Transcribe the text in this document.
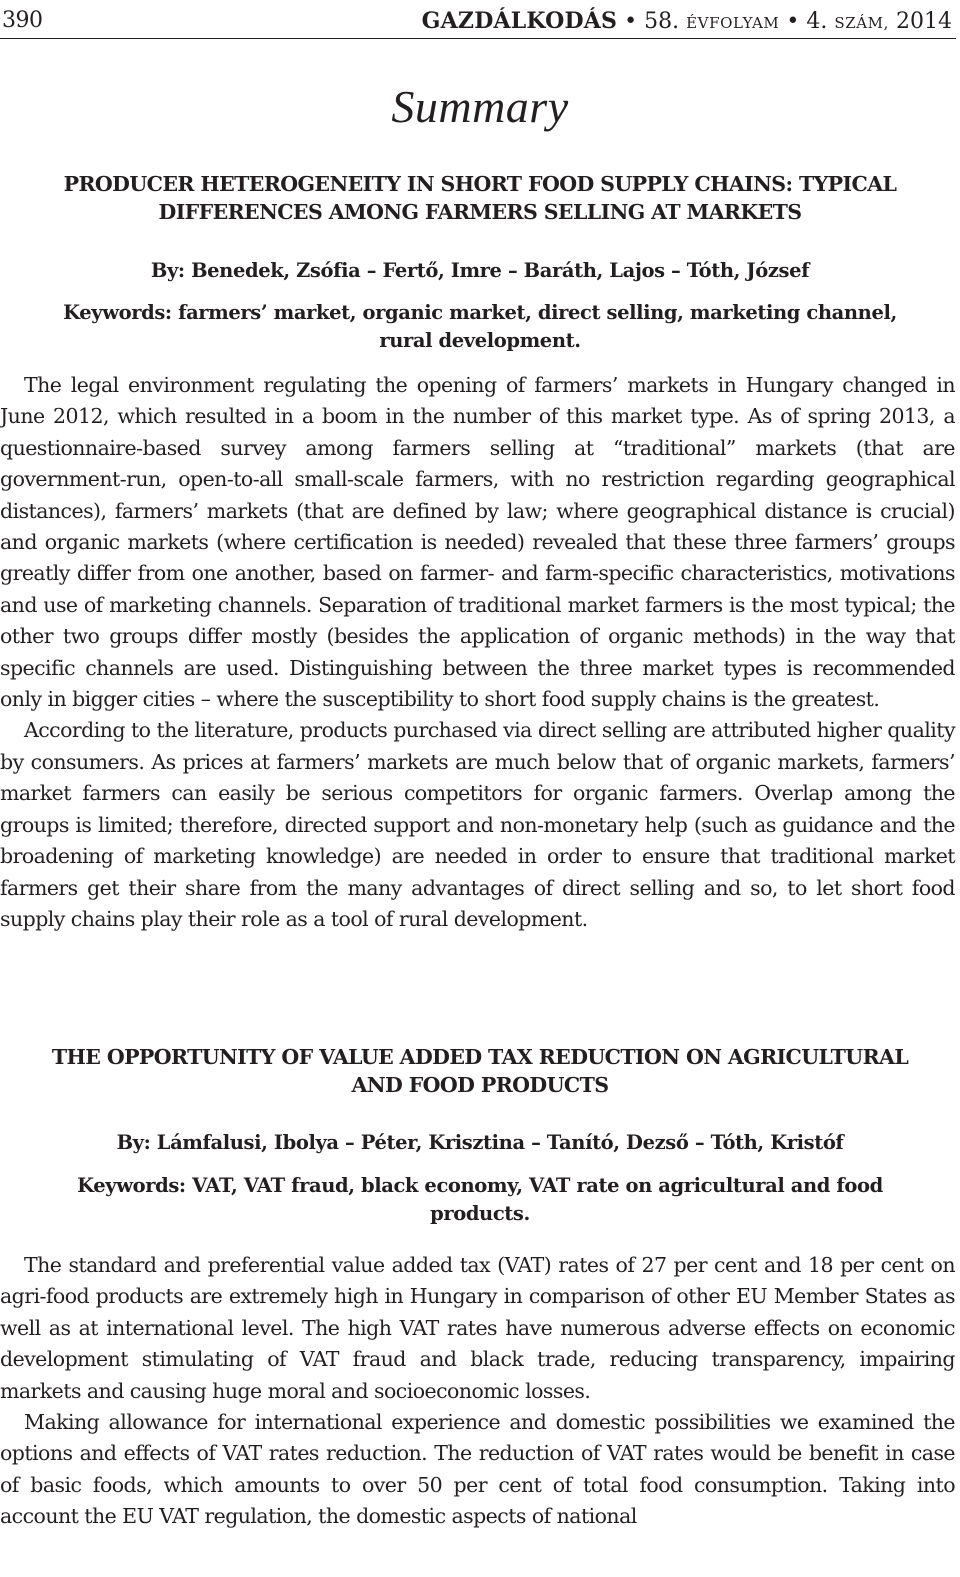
390	GAZDÁLKODÁS • 58. ÉVFOLYAM • 4. SZÁM, 2014
Summary
PRODUCER HETEROGENEITY IN SHORT FOOD SUPPLY CHAINS: TYPICAL
DIFFERENCES AMONG FARMERS SELLING AT MARKETS
By: Benedek, Zsófia – Fertő, Imre – Baráth, Lajos – Tóth, József
Keywords: farmers’ market, organic market, direct selling, marketing channel,
rural development.

The legal environment regulating the opening of farmers’ markets in Hungary changed in June 2012, which resulted in a boom in the number of this market type. As of spring 2013, a questionnaire-based survey among farmers selling at “traditional” markets (that are government-run, open-to-all small-scale farmers, with no restriction regarding geographical distances), farmers’ markets (that are defined by law; where geographical distance is crucial) and organic markets (where certification is needed) revealed that these three farmers’ groups greatly differ from one another, based on farmer- and farm-specific characteristics, motivations and use of marketing channels. Separation of traditional market farmers is the most typical; the other two groups differ mostly (besides the application of organic methods) in the way that specific channels are used. Distinguishing between the three market types is recommended only in bigger cities – where the susceptibility to short food supply chains is the greatest.

According to the literature, products purchased via direct selling are attributed higher quality by consumers. As prices at farmers’ markets are much below that of organic markets, farmers’ market farmers can easily be serious competitors for organic farmers. Overlap among the groups is limited; therefore, directed support and non-monetary help (such as guidance and the broadening of marketing knowledge) are needed in order to ensure that traditional market farmers get their share from the many advantages of direct selling and so, to let short food supply chains play their role as a tool of rural development.

THE OPPORTUNITY OF VALUE ADDED TAX REDUCTION ON AGRICULTURAL
AND FOOD PRODUCTS
By: Lámfalusi, Ibolya – Péter, Krisztina – Tanító, Dezső – Tóth, Kristóf
Keywords: VAT, VAT fraud, black economy, VAT rate on agricultural and food
products.

The standard and preferential value added tax (VAT) rates of 27 per cent and 18 per cent on agri-food products are extremely high in Hungary in comparison of other EU Member States as well as at international level. The high VAT rates have numerous adverse effects on economic development stimulating of VAT fraud and black trade, reducing transparency, impairing markets and causing huge moral and socioeconomic losses.

Making allowance for international experience and domestic possibilities we examined the options and effects of VAT rates reduction. The reduction of VAT rates would be benefit in case of basic foods, which amounts to over 50 per cent of total food consumption. Taking into account the EU VAT regulation, the domestic aspects of national
